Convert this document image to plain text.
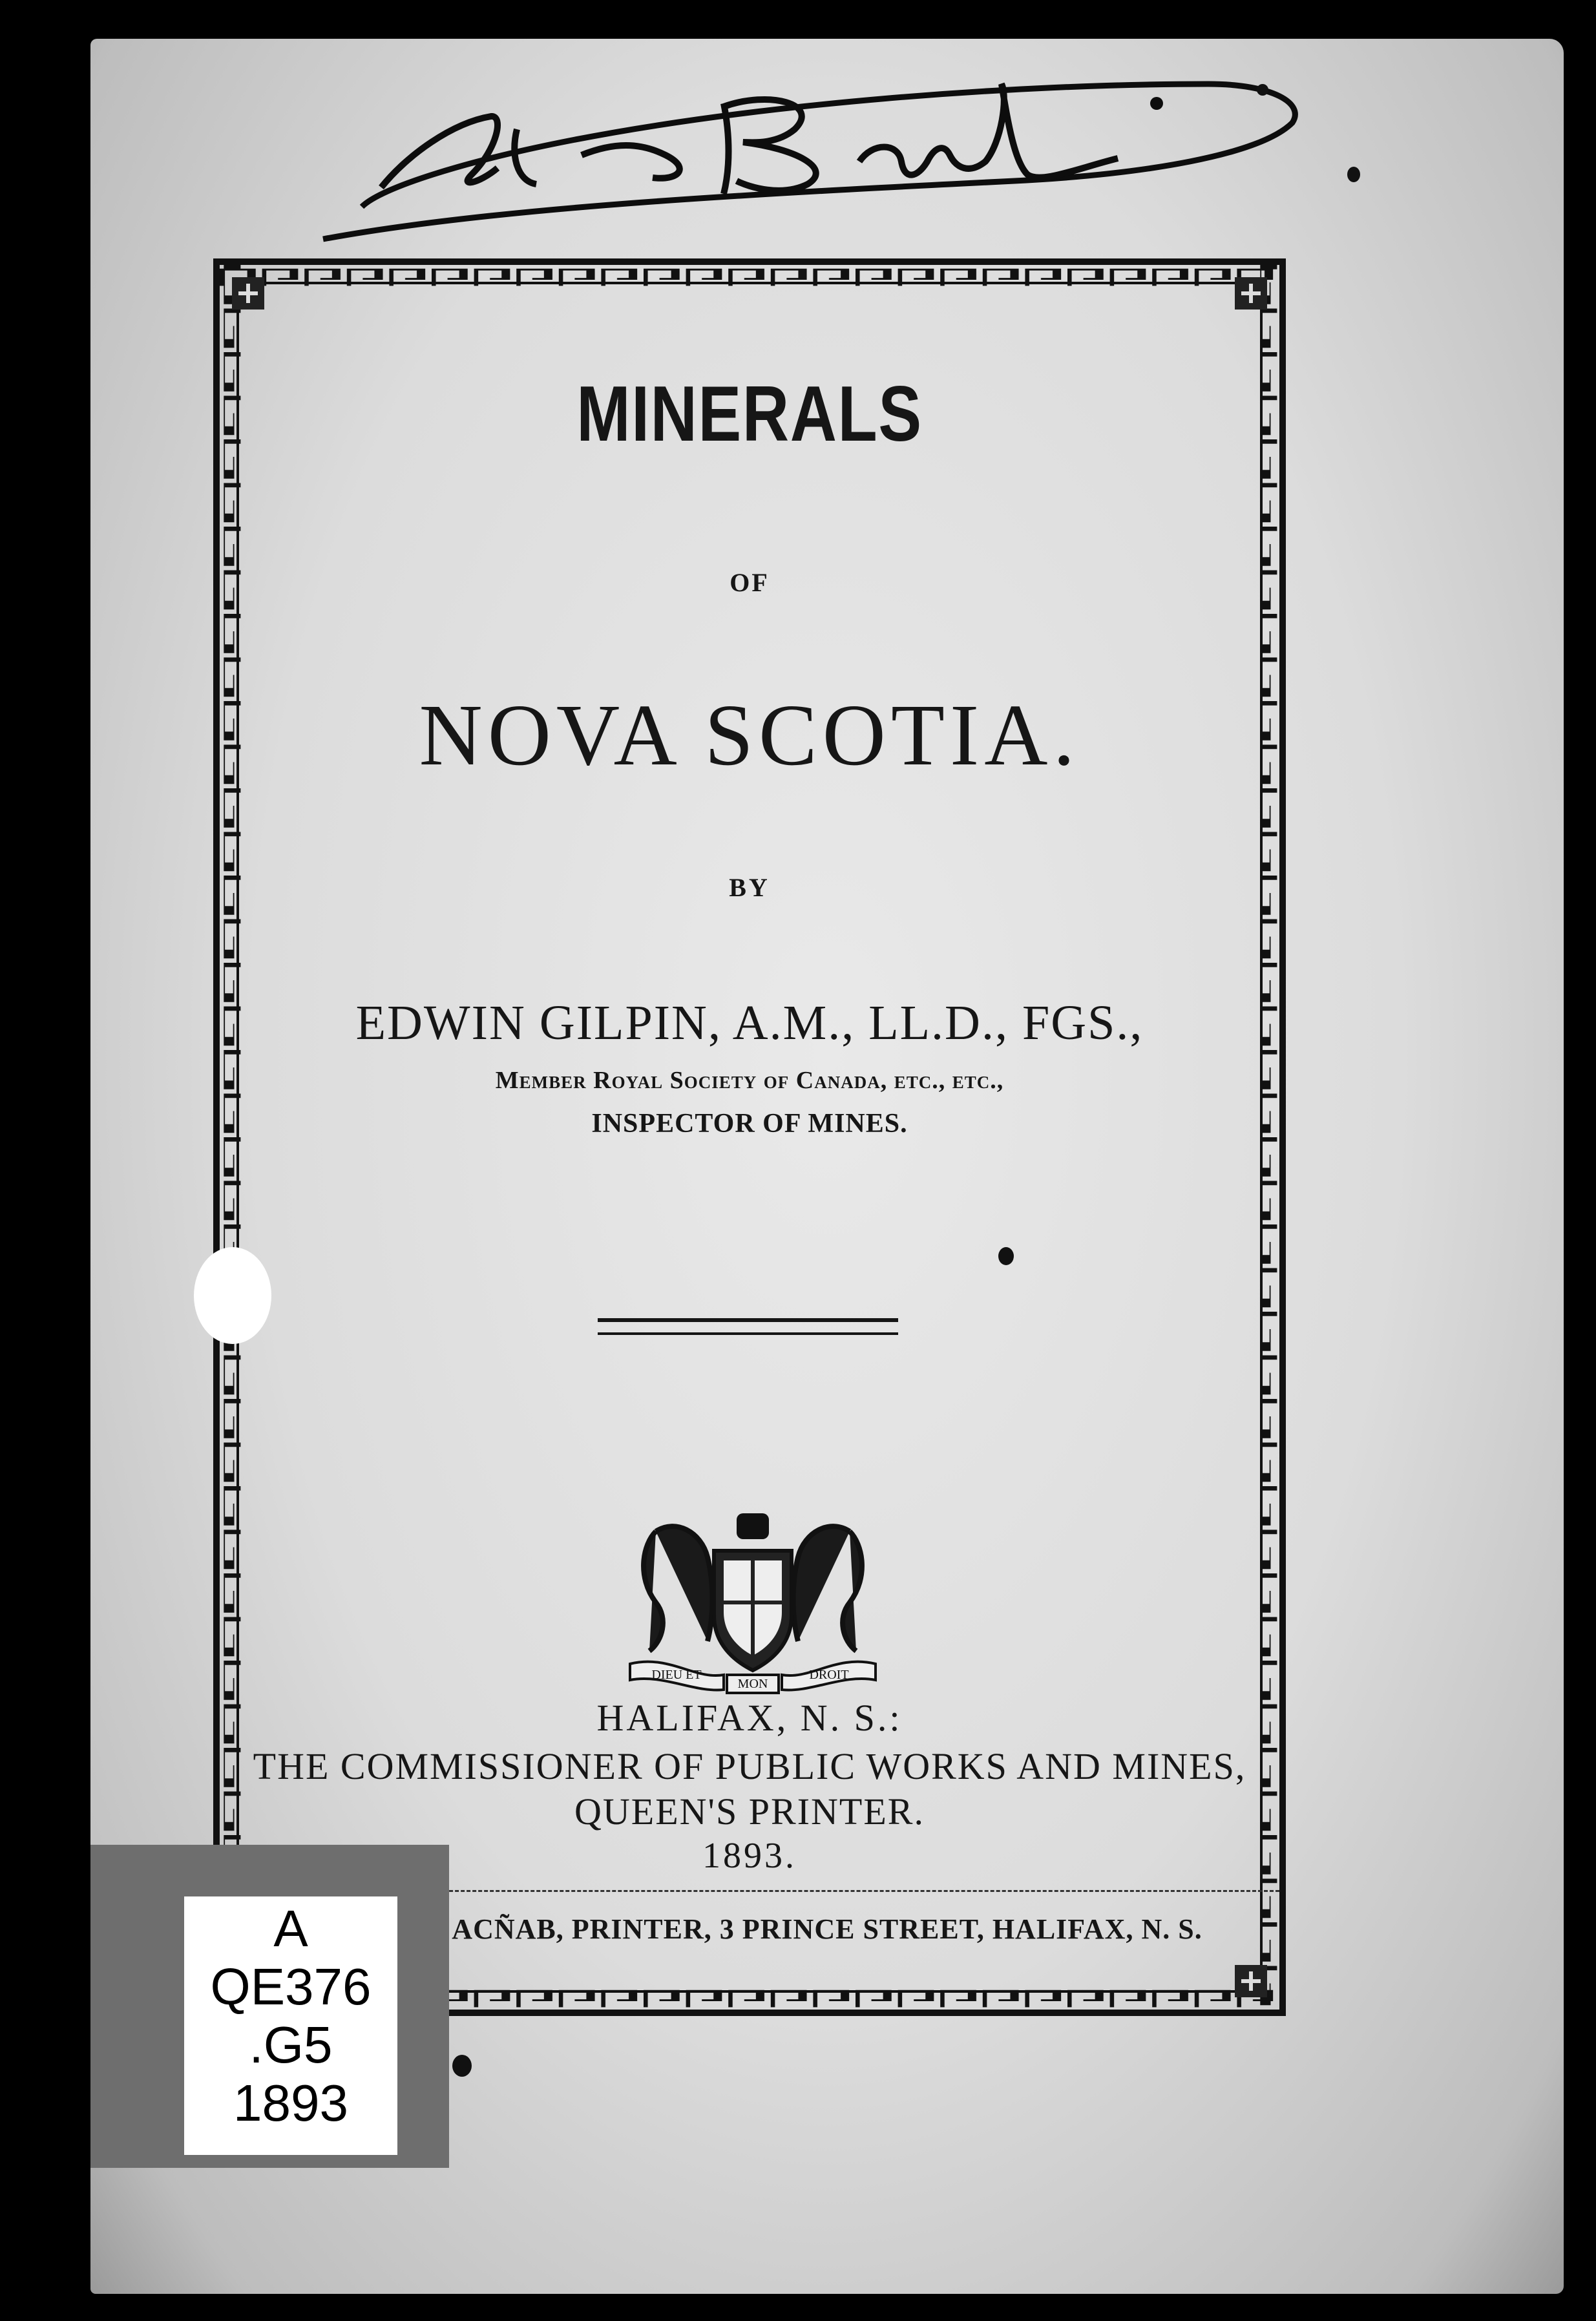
MINERALS
OF
NOVA SCOTIA.
BY
EDWIN GILPIN, A.M., LL.D., FGS.,
Member Royal Society of Canada, etc., etc.,
INSPECTOR OF MINES.
DIEU ET
MON
DROIT
HALIFAX, N. S.:
THE COMMISSIONER OF PUBLIC WORKS AND MINES,
QUEEN'S PRINTER.
1893.
ACÑAB, PRINTER, 3 PRINCE STREET, HALIFAX, N. S.
A
QE376
.G5
1893
